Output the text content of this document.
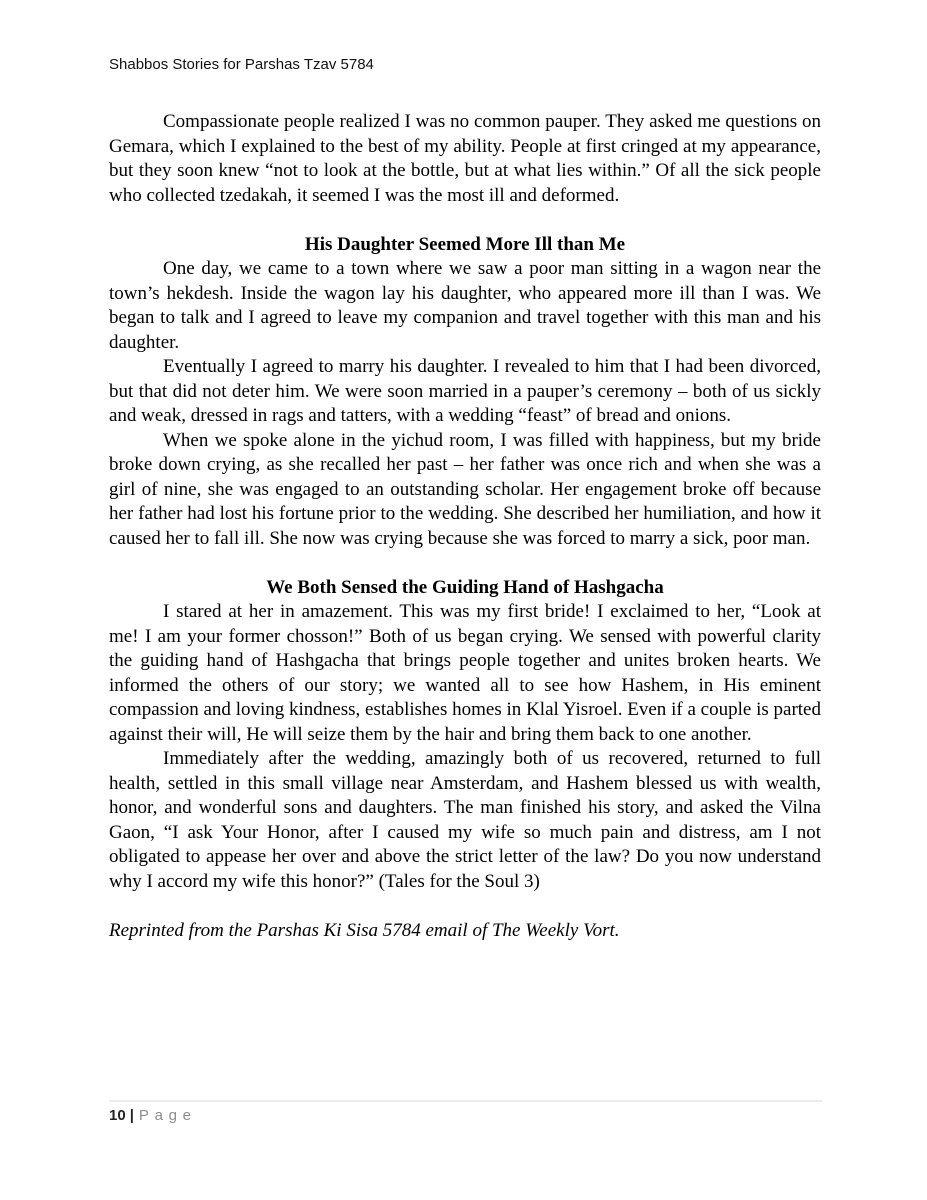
Shabbos Stories for Parshas Tzav 5784

Compassionate people realized I was no common pauper. They asked me questions on Gemara, which I explained to the best of my ability. People at first cringed at my appearance, but they soon knew “not to look at the bottle, but at what lies within.” Of all the sick people who collected tzedakah, it seemed I was the most ill and deformed.

His Daughter Seemed More Ill than Me

One day, we came to a town where we saw a poor man sitting in a wagon near the town’s hekdesh. Inside the wagon lay his daughter, who appeared more ill than I was. We began to talk and I agreed to leave my companion and travel together with this man and his daughter.

Eventually I agreed to marry his daughter. I revealed to him that I had been divorced, but that did not deter him. We were soon married in a pauper’s ceremony – both of us sickly and weak, dressed in rags and tatters, with a wedding “feast” of bread and onions.

When we spoke alone in the yichud room, I was filled with happiness, but my bride broke down crying, as she recalled her past – her father was once rich and when she was a girl of nine, she was engaged to an outstanding scholar. Her engagement broke off because her father had lost his fortune prior to the wedding. She described her humiliation, and how it caused her to fall ill. She now was crying because she was forced to marry a sick, poor man.

We Both Sensed the Guiding Hand of Hashgacha

I stared at her in amazement. This was my first bride! I exclaimed to her, “Look at me! I am your former chosson!” Both of us began crying. We sensed with powerful clarity the guiding hand of Hashgacha that brings people together and unites broken hearts. We informed the others of our story; we wanted all to see how Hashem, in His eminent compassion and loving kindness, establishes homes in Klal Yisroel. Even if a couple is parted against their will, He will seize them by the hair and bring them back to one another.

Immediately after the wedding, amazingly both of us recovered, returned to full health, settled in this small village near Amsterdam, and Hashem blessed us with wealth, honor, and wonderful sons and daughters. The man finished his story, and asked the Vilna Gaon, “I ask Your Honor, after I caused my wife so much pain and distress, am I not obligated to appease her over and above the strict letter of the law? Do you now understand why I accord my wife this honor?” (Tales for the Soul 3)

Reprinted from the Parshas Ki Sisa 5784 email of The Weekly Vort.

10 | Page
